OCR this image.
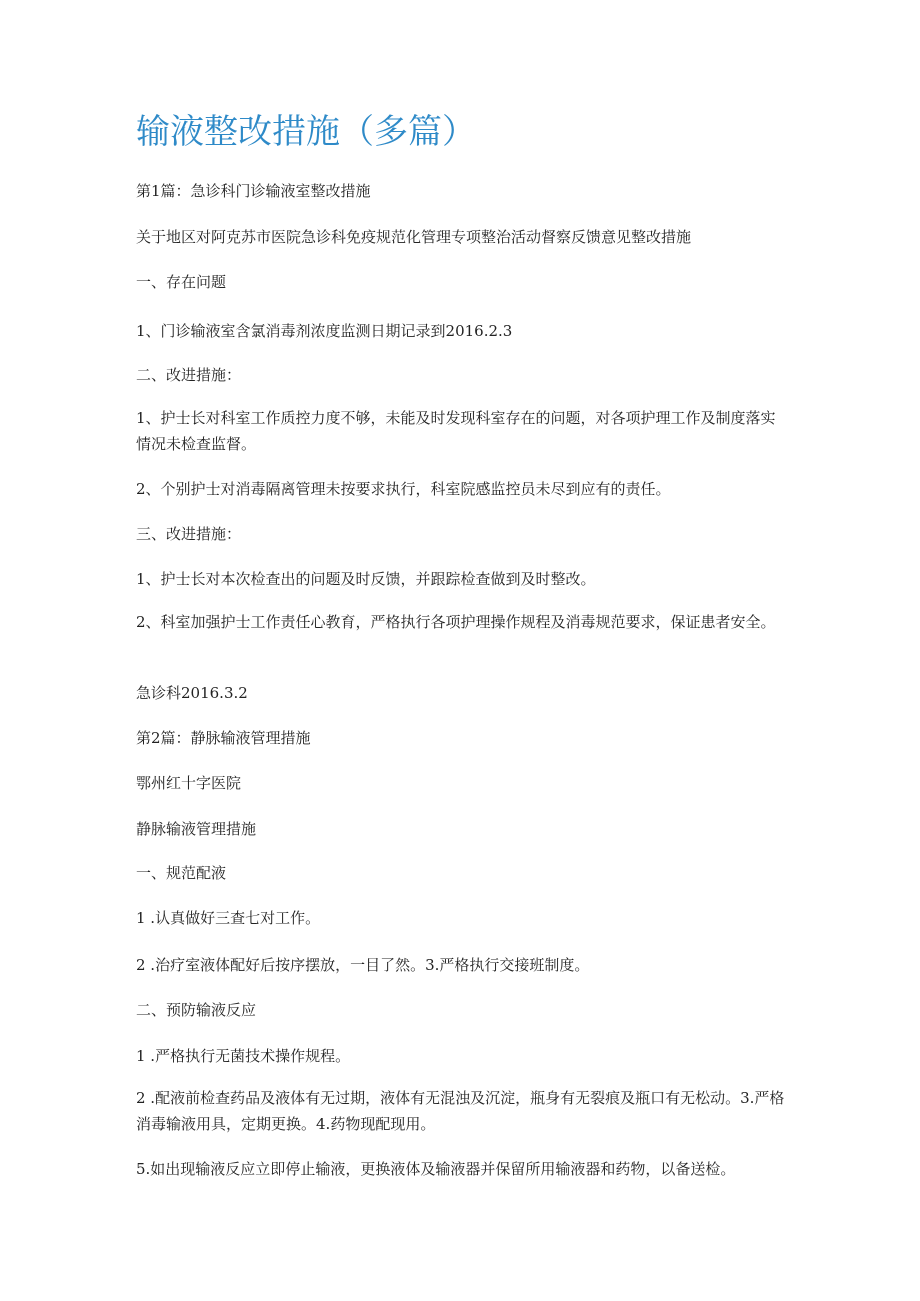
输液整改措施（多篇）

第1篇：急诊科门诊输液室整改措施

关于地区对阿克苏市医院急诊科免疫规范化管理专项整治活动督察反馈意见整改措施

一、存在问题

1、门诊输液室含氯消毒剂浓度监测日期记录到2016.2.3

二、改进措施：

1、护士长对科室工作质控力度不够，未能及时发现科室存在的问题，对各项护理工作及制度落实情况未检查监督。

2、个别护士对消毒隔离管理未按要求执行，科室院感监控员未尽到应有的责任。

三、改进措施：

1、护士长对本次检查出的问题及时反馈，并跟踪检查做到及时整改。

2、科室加强护士工作责任心教育，严格执行各项护理操作规程及消毒规范要求，保证患者安全。

急诊科2016.3.2

第2篇：静脉输液管理措施

鄂州红十字医院

静脉输液管理措施

一、规范配液

1 .认真做好三查七对工作。

2 .治疗室液体配好后按序摆放，一目了然。3.严格执行交接班制度。

二、预防输液反应

1 .严格执行无菌技术操作规程。

2 .配液前检查药品及液体有无过期，液体有无混浊及沉淀，瓶身有无裂痕及瓶口有无松动。3.严格消毒输液用具，定期更换。4.药物现配现用。

5.如出现输液反应立即停止输液，更换液体及输液器并保留所用输液器和药物，以备送检。
